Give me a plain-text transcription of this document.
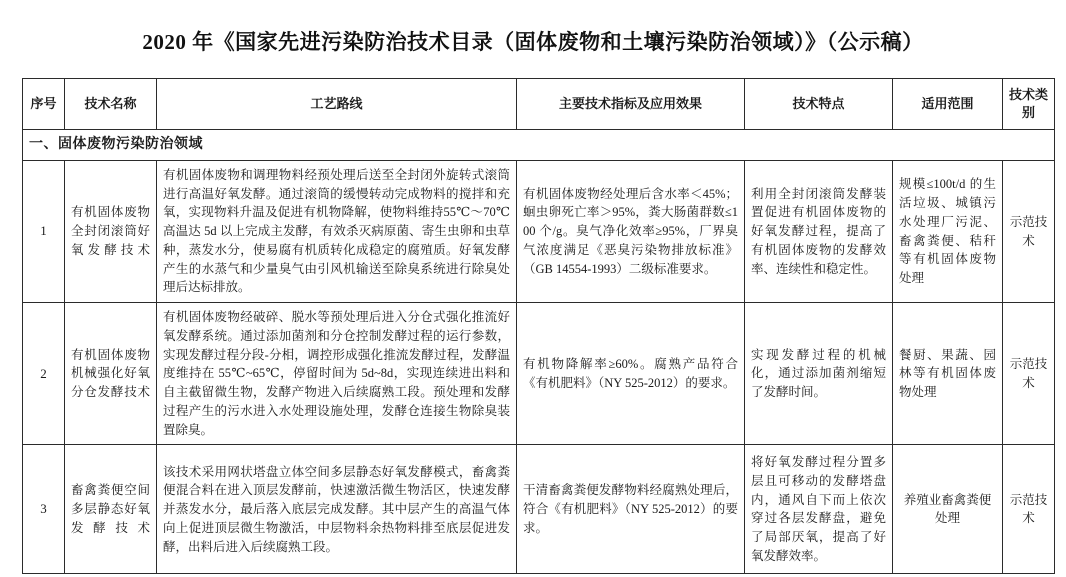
2020 年《国家先进污染防治技术目录（固体废物和土壤污染防治领域）》（公示稿）
序号	技术名称	工艺路线	主要技术指标及应用效果	技术特点	适用范围	技术类别
一、固体废物污染防治领域						
1	有机固体废物全封闭滚筒好氧发酵技术	有机固体废物和调理物料经预处理后送至全封闭外旋转式滚筒进行高温好氧发酵。通过滚筒的缓慢转动完成物料的搅拌和充氧，实现物料升温及促进有机物降解，使物料维持55℃～70℃高温达 5d 以上完成主发酵，有效杀灭病原菌、寄生虫卵和虫草种，蒸发水分，使易腐有机质转化成稳定的腐殖质。好氧发酵产生的水蒸气和少量臭气由引风机输送至除臭系统进行除臭处理后达标排放。	有机固体废物经处理后含水率＜45%；蛔虫卵死亡率＞95%，粪大肠菌群数≤100 个/g。臭气净化效率≥95%，厂界臭气浓度满足《恶臭污染物排放标准》（GB 14554-1993）二级标准要求。	利用全封闭滚筒发酵装置促进有机固体废物的好氧发酵过程，提高了有机固体废物的发酵效率、连续性和稳定性。	规模≤100t/d 的生活垃圾、城镇污水处理厂污泥、畜禽粪便、秸秆等有机固体废物处理	示范技术
2	有机固体废物机械强化好氧分仓发酵技术	有机固体废物经破碎、脱水等预处理后进入分仓式强化推流好氧发酵系统。通过添加菌剂和分仓控制发酵过程的运行参数，实现发酵过程分段-分相，调控形成强化推流发酵过程，发酵温度维持在 55℃~65℃，停留时间为 5d~8d，实现连续进出料和自主截留微生物，发酵产物进入后续腐熟工段。预处理和发酵过程产生的污水进入水处理设施处理，发酵仓连接生物除臭装置除臭。	有机物降解率≥60%。腐熟产品符合《有机肥料》（NY 525-2012）的要求。	实现发酵过程的机械化，通过添加菌剂缩短了发酵时间。	餐厨、果蔬、园林等有机固体废物处理	示范技术
3	畜禽粪便空间多层静态好氧发酵技术	该技术采用网状塔盘立体空间多层静态好氧发酵模式，畜禽粪便混合料在进入顶层发酵前，快速激活微生物活区，快速发酵并蒸发水分，最后落入底层完成发酵。其中层产生的高温气体向上促进顶层微生物激活，中层物料余热物料排至底层促进发酵，出料后进入后续腐熟工段。	干清畜禽粪便发酵物料经腐熟处理后，符合《有机肥料》（NY 525-2012）的要求。	将好氧发酵过程分置多层且可移动的发酵塔盘内，通风自下而上依次穿过各层发酵盘，避免了局部厌氧，提高了好氧发酵效率。	养殖业畜禽粪便处理	示范技术
